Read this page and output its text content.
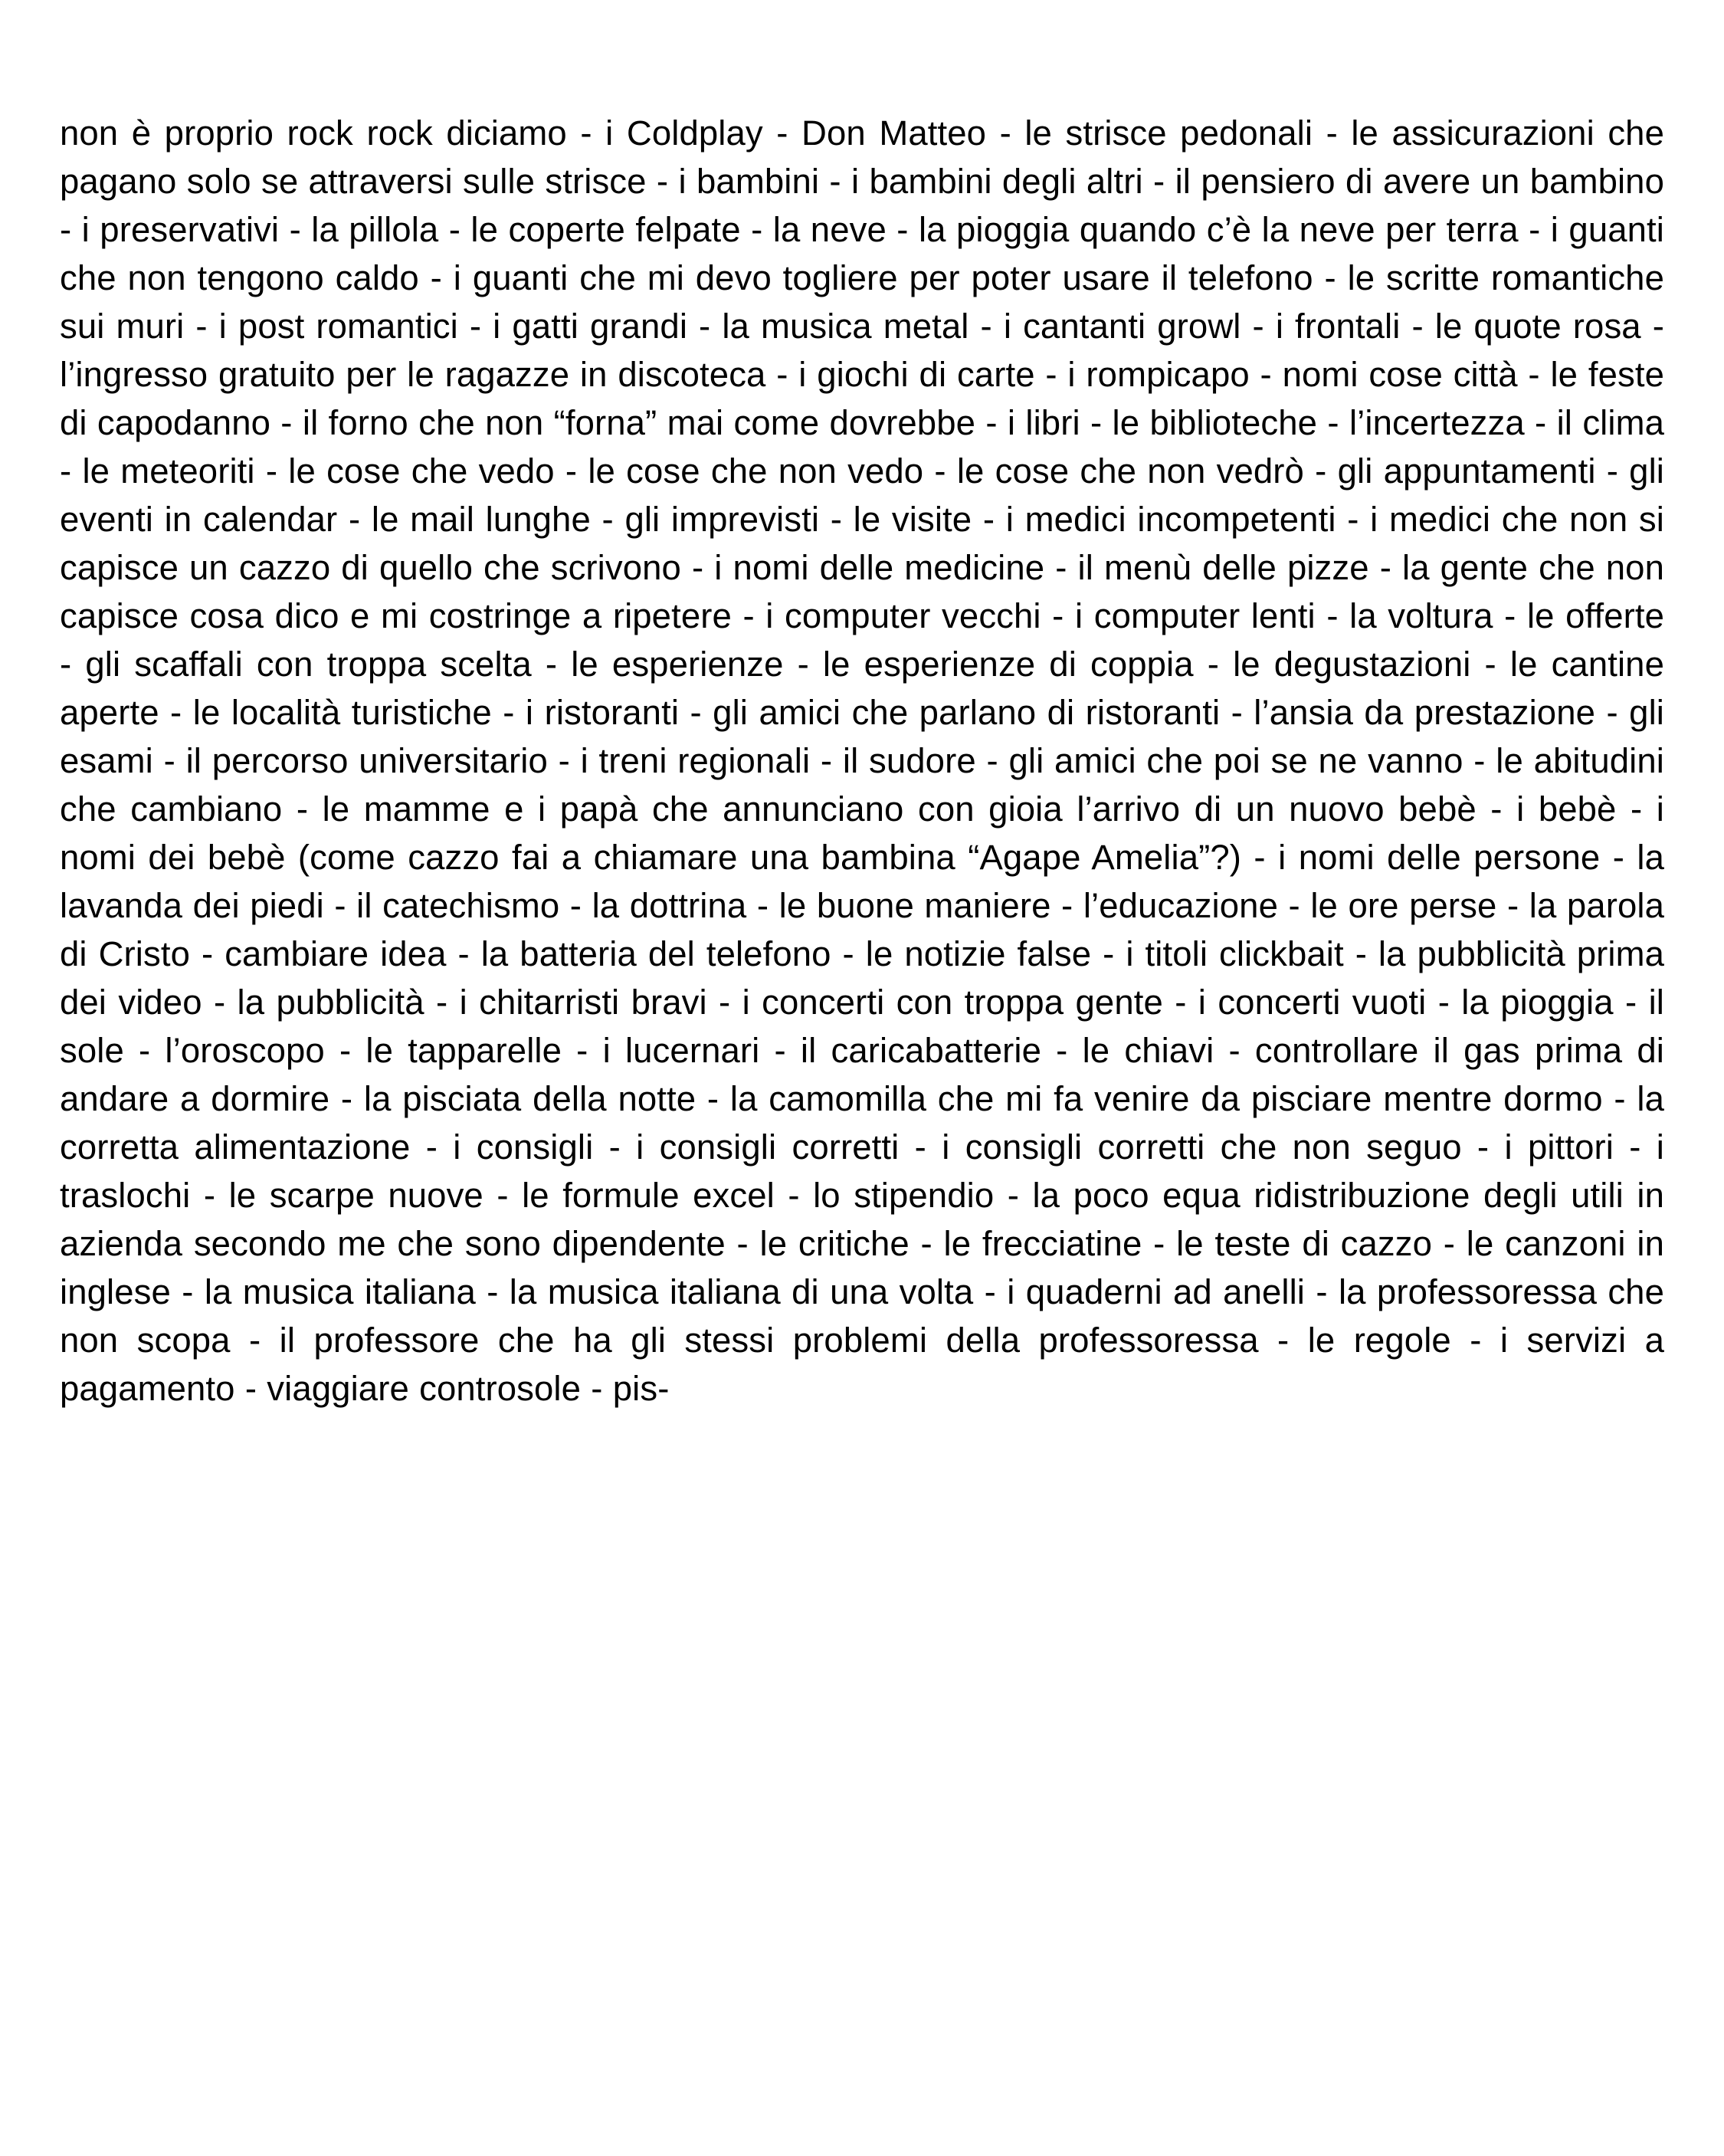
non è proprio rock rock diciamo - i Coldplay - Don Matteo - le strisce pedonali - le assicurazioni che pagano solo se attraversi sulle strisce - i bambini - i bambini degli altri - il pensiero di avere un bambino - i preservativi - la pillola - le coperte felpate - la neve - la pioggia quando c’è la neve per terra - i guanti che non tengono caldo - i guanti che mi devo togliere per poter usare il telefono - le scritte romantiche sui muri - i post romantici - i gatti grandi - la musica metal - i cantanti growl - i frontali - le quote rosa - l’ingresso gratuito per le ragazze in discoteca - i giochi di carte - i rompicapo - nomi cose città - le feste di capodanno - il forno che non “forna” mai come dovrebbe - i libri - le biblioteche - l’incertezza - il clima - le meteoriti - le cose che vedo - le cose che non vedo - le cose che non vedrò - gli appuntamenti - gli eventi in calendar - le mail lunghe - gli imprevisti - le visite - i medici incompetenti - i medici che non si capisce un cazzo di quello che scrivono - i nomi delle medicine - il menù delle pizze - la gente che non capisce cosa dico e mi costringe a ripetere - i computer vecchi - i computer lenti - la voltura - le offerte - gli scaffali con troppa scelta - le esperienze - le esperienze di coppia - le degustazioni - le cantine aperte - le località turistiche - i ristoranti - gli amici che parlano di ristoranti - l’ansia da prestazione - gli esami - il percorso universitario - i treni regionali - il sudore - gli amici che poi se ne vanno - le abitudini che cambiano - le mamme e i papà che annunciano con gioia l’arrivo di un nuovo bebè - i bebè - i nomi dei bebè (come cazzo fai a chiamare una bambina “Agape Amelia”?) - i nomi delle persone - la lavanda dei piedi - il catechismo - la dottrina - le buone maniere - l’educazione - le ore perse - la parola di Cristo - cambiare idea - la batteria del telefono - le notizie false - i titoli clickbait - la pubblicità prima dei video - la pubblicità - i chitarristi bravi - i concerti con troppa gente - i concerti vuoti - la pioggia - il sole - l’oroscopo - le tapparelle - i lucernari - il caricabatterie - le chiavi - controllare il gas prima di andare a dormire - la pisciata della notte - la camomilla che mi fa venire da pisciare mentre dormo - la corretta alimentazione - i consigli - i consigli corretti - i consigli corretti che non seguo - i pittori - i traslochi - le scarpe nuove - le formule excel - lo stipendio - la poco equa ridistribuzione degli utili in azienda secondo me che sono dipendente - le critiche - le frecciatine - le teste di cazzo - le canzoni in inglese - la musica italiana - la musica italiana di una volta - i quaderni ad anelli - la professoressa che non scopa - il professore che ha gli stessi problemi della professoressa - le regole - i servizi a pagamento - viaggiare controsole - pis-
